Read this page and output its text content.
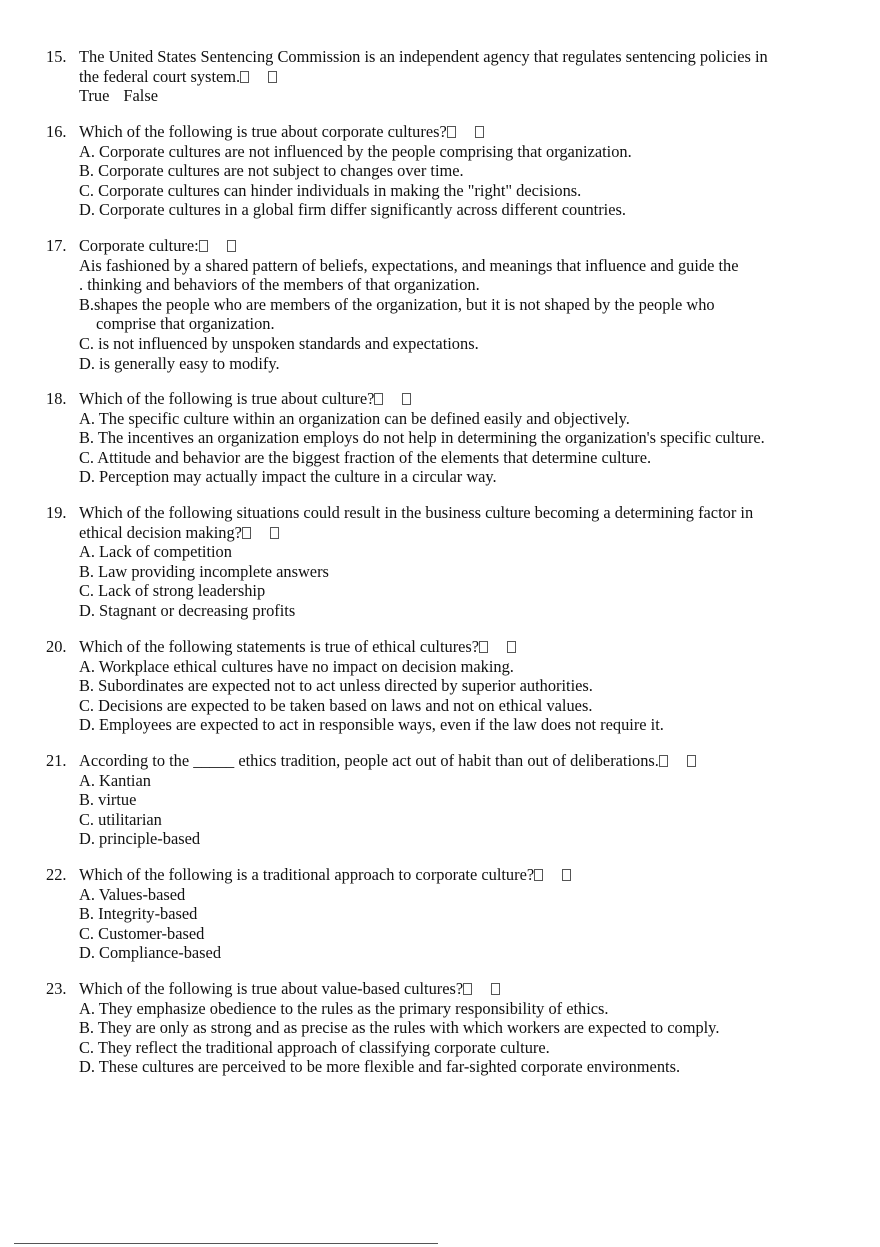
15. The United States Sentencing Commission is an independent agency that regulates sentencing policies in
the federal court system.
True False
16. Which of the following is true about corporate cultures?
A. Corporate cultures are not influenced by the people comprising that organization.
B. Corporate cultures are not subject to changes over time.
C. Corporate cultures can hinder individuals in making the "right" decisions.
D. Corporate cultures in a global firm differ significantly across different countries.
17. Corporate culture:
Ais fashioned by a shared pattern of beliefs, expectations, and meanings that influence and guide the
. thinking and behaviors of the members of that organization.
B.shapes the people who are members of the organization, but it is not shaped by the people who
comprise that organization.
C. is not influenced by unspoken standards and expectations.
D. is generally easy to modify.
18. Which of the following is true about culture?
A. The specific culture within an organization can be defined easily and objectively.
B. The incentives an organization employs do not help in determining the organization's specific culture.
C. Attitude and behavior are the biggest fraction of the elements that determine culture.
D. Perception may actually impact the culture in a circular way.
19. Which of the following situations could result in the business culture becoming a determining factor in
ethical decision making?
A. Lack of competition
B. Law providing incomplete answers
C. Lack of strong leadership
D. Stagnant or decreasing profits
20. Which of the following statements is true of ethical cultures?
A. Workplace ethical cultures have no impact on decision making.
B. Subordinates are expected not to act unless directed by superior authorities.
C. Decisions are expected to be taken based on laws and not on ethical values.
D. Employees are expected to act in responsible ways, even if the law does not require it.
21. According to the _____ ethics tradition, people act out of habit than out of deliberations.
A. Kantian
B. virtue
C. utilitarian
D. principle-based
22. Which of the following is a traditional approach to corporate culture?
A. Values-based
B. Integrity-based
C. Customer-based
D. Compliance-based
23. Which of the following is true about value-based cultures?
A. They emphasize obedience to the rules as the primary responsibility of ethics.
B. They are only as strong and as precise as the rules with which workers are expected to comply.
C. They reflect the traditional approach of classifying corporate culture.
D. These cultures are perceived to be more flexible and far-sighted corporate environments.
